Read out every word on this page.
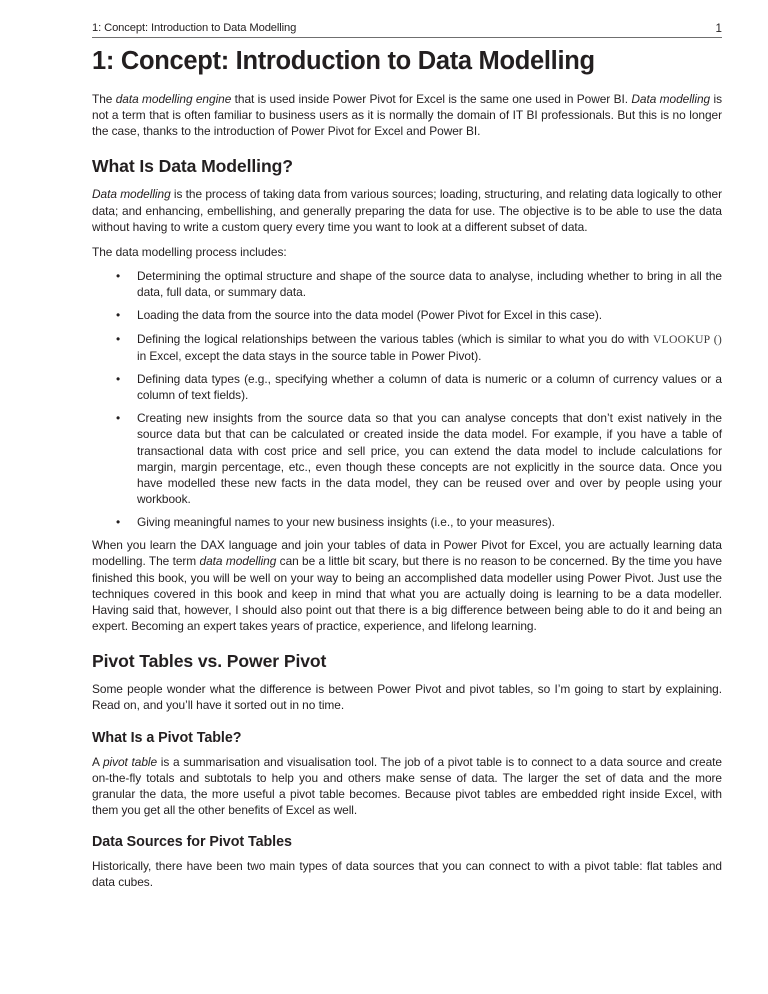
1: Concept: Introduction to Data Modelling	1
1: Concept: Introduction to Data Modelling

The data modelling engine that is used inside Power Pivot for Excel is the same one used in Power BI. Data modelling is not a term that is often familiar to business users as it is normally the domain of IT BI professionals. But this is no longer the case, thanks to the introduction of Power Pivot for Excel and Power BI.

What Is Data Modelling?

Data modelling is the process of taking data from various sources; loading, structuring, and relating data logically to other data; and enhancing, embellishing, and generally preparing the data for use. The objective is to be able to use the data without having to write a custom query every time you want to look at a different subset of data.

The data modelling process includes:

• Determining the optimal structure and shape of the source data to analyse, including whether to bring in all the data, full data, or summary data.
• Loading the data from the source into the data model (Power Pivot for Excel in this case).
• Defining the logical relationships between the various tables (which is similar to what you do with VLOOKUP () in Excel, except the data stays in the source table in Power Pivot).
• Defining data types (e.g., specifying whether a column of data is numeric or a column of currency values or a column of text fields).
• Creating new insights from the source data so that you can analyse concepts that don’t exist natively in the source data but that can be calculated or created inside the data model. For example, if you have a table of transactional data with cost price and sell price, you can extend the data model to include calculations for margin, margin percentage, etc., even though these concepts are not explicitly in the source data. Once you have modelled these new facts in the data model, they can be reused over and over by people using your workbook.
• Giving meaningful names to your new business insights (i.e., to your measures).

When you learn the DAX language and join your tables of data in Power Pivot for Excel, you are actually learning data modelling. The term data modelling can be a little bit scary, but there is no reason to be concerned. By the time you have finished this book, you will be well on your way to being an accomplished data modeller using Power Pivot. Just use the techniques covered in this book and keep in mind that what you are actually doing is learning to be a data modeller. Having said that, however, I should also point out that there is a big difference between being able to do it and being an expert. Becoming an expert takes years of practice, experience, and lifelong learning.

Pivot Tables vs. Power Pivot

Some people wonder what the difference is between Power Pivot and pivot tables, so I’m going to start by explaining. Read on, and you’ll have it sorted out in no time.

What Is a Pivot Table?

A pivot table is a summarisation and visualisation tool. The job of a pivot table is to connect to a data source and create on-the-fly totals and subtotals to help you and others make sense of data. The larger the set of data and the more granular the data, the more useful a pivot table becomes. Because pivot tables are embedded right inside Excel, with them you get all the other benefits of Excel as well.

Data Sources for Pivot Tables

Historically, there have been two main types of data sources that you can connect to with a pivot table: flat tables and data cubes.
